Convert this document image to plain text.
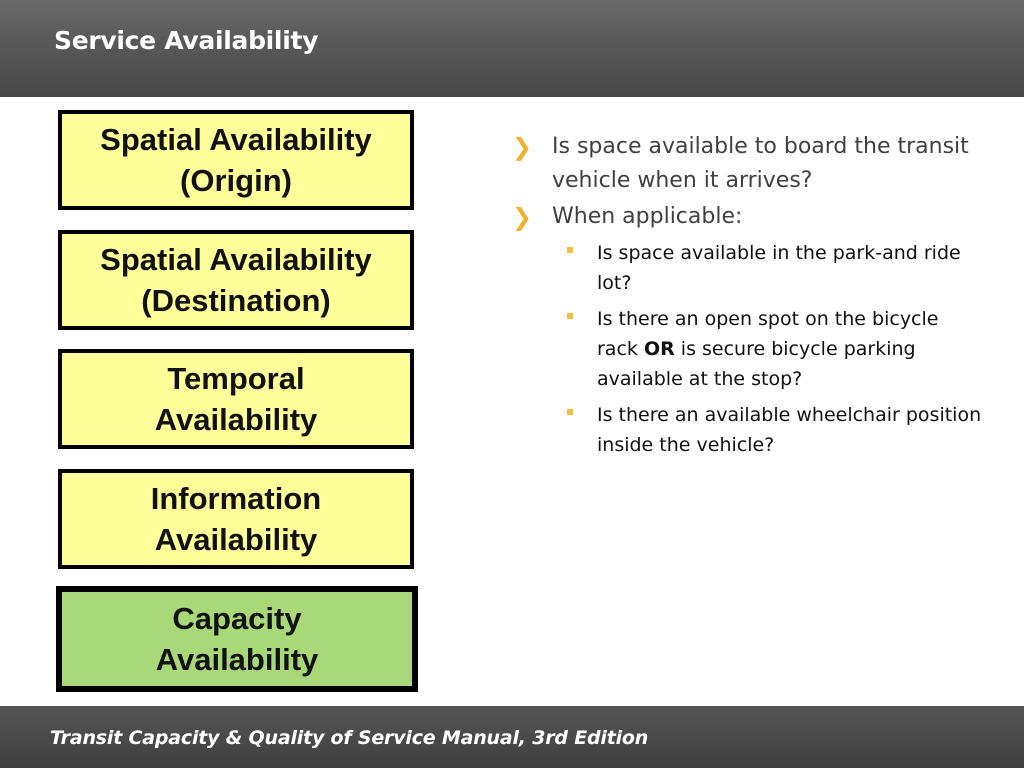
Service Availability
Spatial Availability
(Origin)
Spatial Availability
(Destination)
Temporal
Availability
Information
Availability
Capacity
Availability
❯ Is space available to board the transit vehicle when it arrives?
❯ When applicable:
Is space available in the park-and ride lot?
Is there an open spot on the bicycle rack OR is secure bicycle parking available at the stop?
Is there an available wheelchair position inside the vehicle?

Transit Capacity & Quality of Service Manual, 3rd Edition
